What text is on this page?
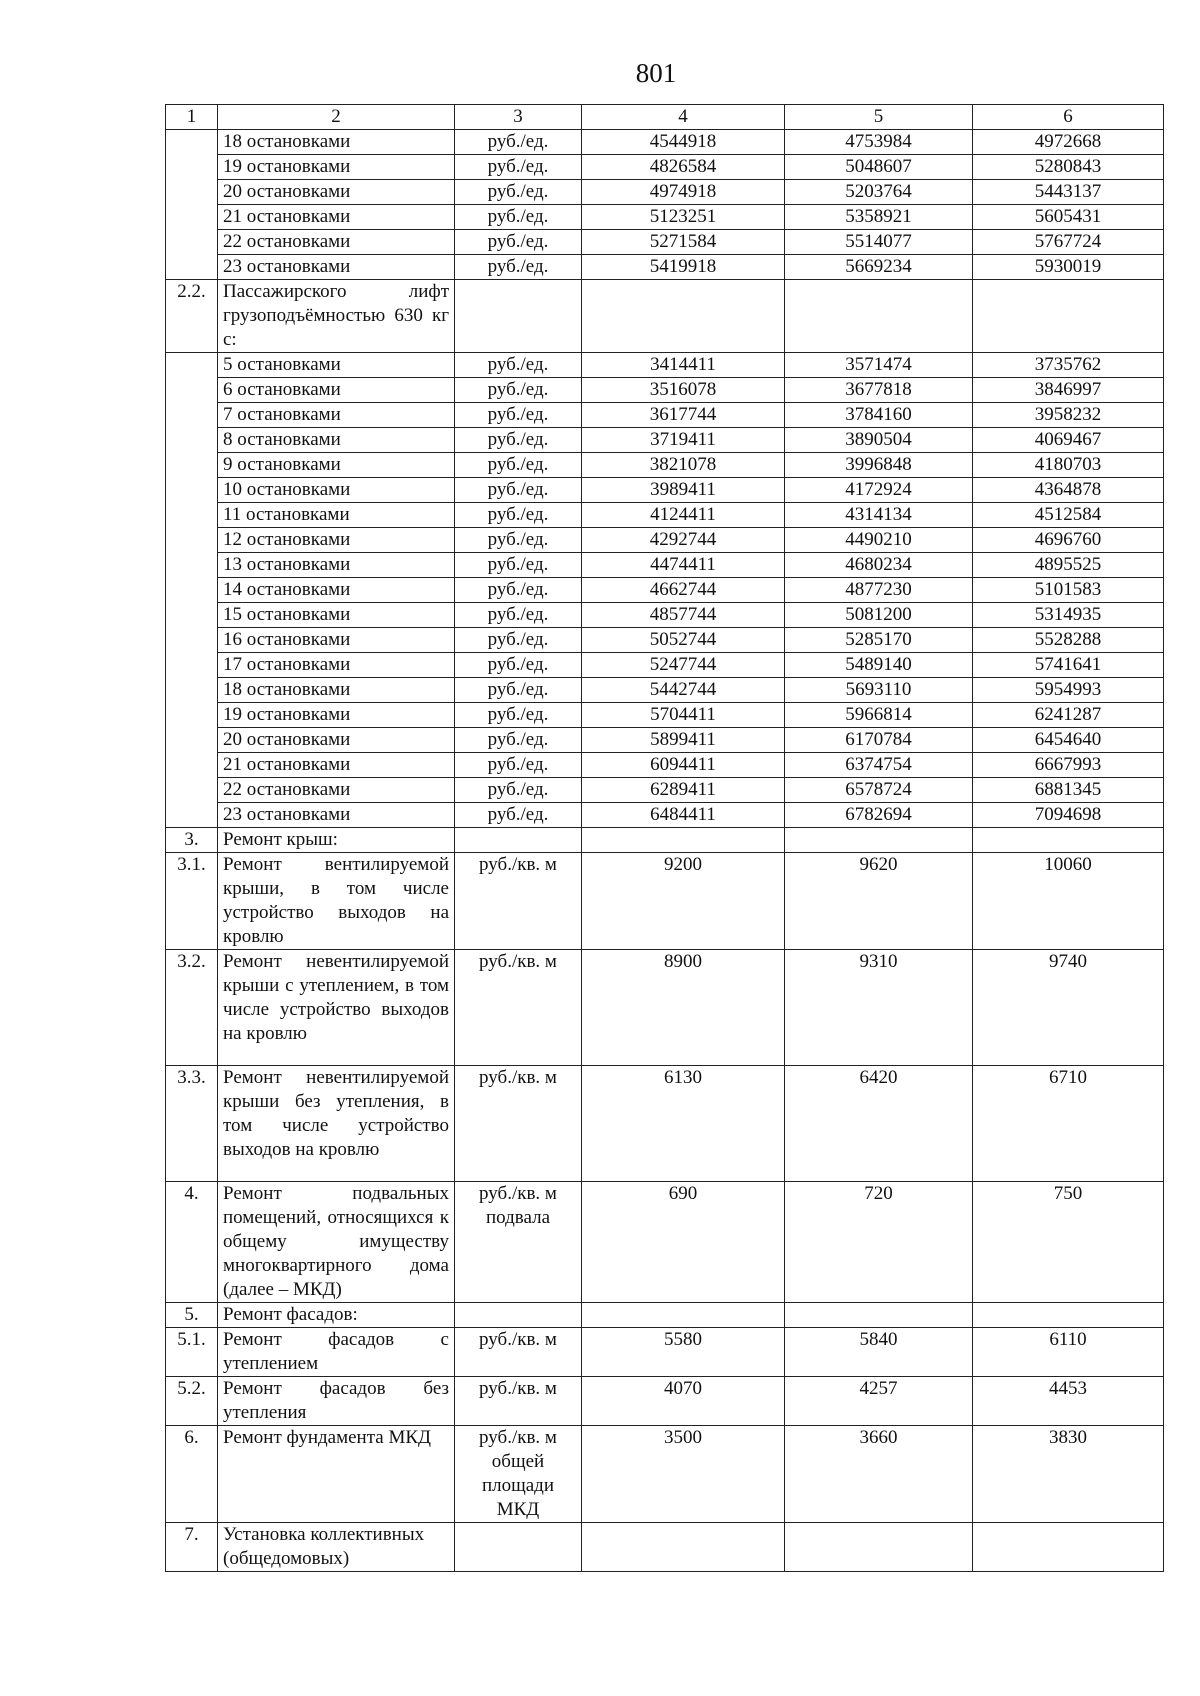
801
1	2	3	4	5	6
	18 остановками	руб./ед.	4544918	4753984	4972668
	19 остановками	руб./ед.	4826584	5048607	5280843
	20 остановками	руб./ед.	4974918	5203764	5443137
	21 остановками	руб./ед.	5123251	5358921	5605431
	22 остановками	руб./ед.	5271584	5514077	5767724
	23 остановками	руб./ед.	5419918	5669234	5930019
2.2.	Пассажирского лифт грузоподъёмностью 630 кг с:				
	5 остановками	руб./ед.	3414411	3571474	3735762
	6 остановками	руб./ед.	3516078	3677818	3846997
	7 остановками	руб./ед.	3617744	3784160	3958232
	8 остановками	руб./ед.	3719411	3890504	4069467
	9 остановками	руб./ед.	3821078	3996848	4180703
	10 остановками	руб./ед.	3989411	4172924	4364878
	11 остановками	руб./ед.	4124411	4314134	4512584
	12 остановками	руб./ед.	4292744	4490210	4696760
	13 остановками	руб./ед.	4474411	4680234	4895525
	14 остановками	руб./ед.	4662744	4877230	5101583
	15 остановками	руб./ед.	4857744	5081200	5314935
	16 остановками	руб./ед.	5052744	5285170	5528288
	17 остановками	руб./ед.	5247744	5489140	5741641
	18 остановками	руб./ед.	5442744	5693110	5954993
	19 остановками	руб./ед.	5704411	5966814	6241287
	20 остановками	руб./ед.	5899411	6170784	6454640
	21 остановками	руб./ед.	6094411	6374754	6667993
	22 остановками	руб./ед.	6289411	6578724	6881345
	23 остановками	руб./ед.	6484411	6782694	7094698
3.	Ремонт крыш:				
3.1.	Ремонт вентилируемой крыши, в том числе устройство выходов на кровлю	руб./кв. м	9200	9620	10060
3.2.	Ремонт невентилируемой крыши с утеплением, в том числе устройство выходов на кровлю	руб./кв. м	8900	9310	9740
3.3.	Ремонт невентилируемой крыши без утепления, в том числе устройство выходов на кровлю	руб./кв. м	6130	6420	6710
4.	Ремонт подвальных помещений, относящихся к общему имуществу многоквартирного дома (далее – МКД)	руб./кв. м подвала	690	720	750
5.	Ремонт фасадов:				
5.1.	Ремонт фасадов с утеплением	руб./кв. м	5580	5840	6110
5.2.	Ремонт фасадов без утепления	руб./кв. м	4070	4257	4453
6.	Ремонт фундамента МКД	руб./кв. м общей площади МКД	3500	3660	3830
7.	Установка коллективных (общедомовых)				
